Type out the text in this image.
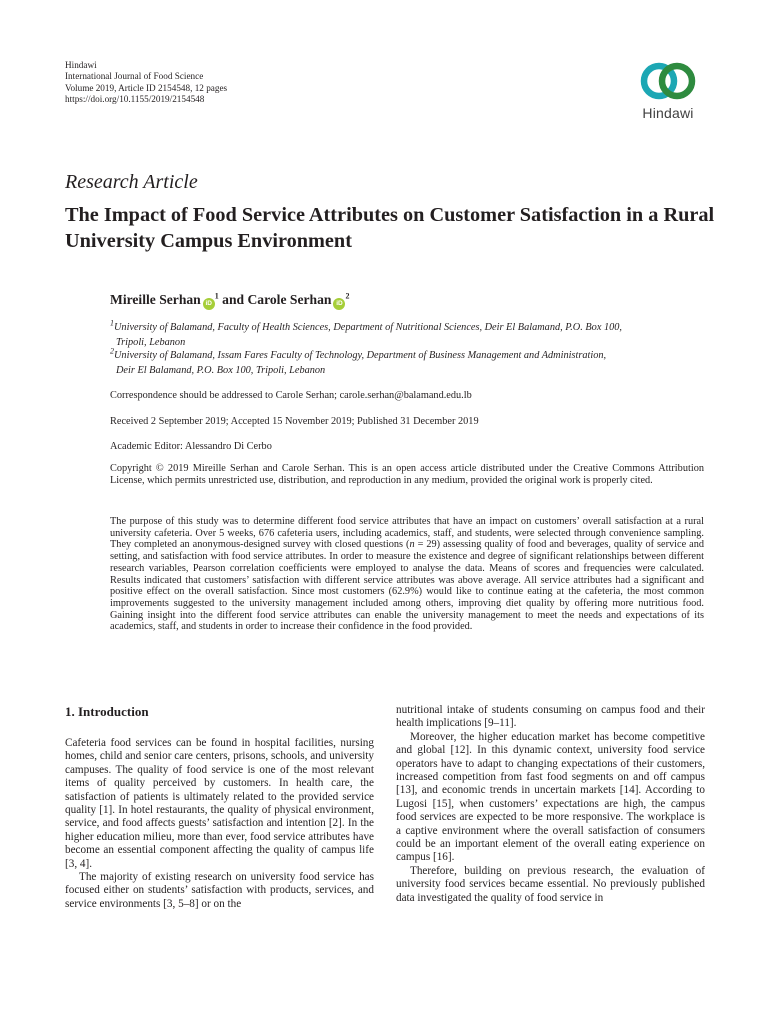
Hindawi
International Journal of Food Science
Volume 2019, Article ID 2154548, 12 pages
https://doi.org/10.1155/2019/2154548
Hindawi
Research Article
The Impact of Food Service Attributes on Customer Satisfaction in a Rural University Campus Environment
Mireille Serhan $iD^1$ and Carole Serhan $iD^2$
$^1$University of Balamand, Faculty of Health Sciences, Department of Nutritional Sciences, Deir El Balamand, P.O. Box 100,
Tripoli, Lebanon
$^2$University of Balamand, Issam Fares Faculty of Technology, Department of Business Management and Administration,
Deir El Balamand, P.O. Box 100, Tripoli, Lebanon
Correspondence should be addressed to Carole Serhan; carole.serhan@balamand.edu.lb
Received 2 September 2019; Accepted 15 November 2019; Published 31 December 2019
Academic Editor: Alessandro Di Cerbo
Copyright © 2019 Mireille Serhan and Carole Serhan. This is an open access article distributed under the Creative Commons Attribution License, which permits unrestricted use, distribution, and reproduction in any medium, provided the original work is properly cited.
The purpose of this study was to determine different food service attributes that have an impact on customers’ overall satisfaction at a rural university cafeteria. Over 5 weeks, 676 cafeteria users, including academics, staff, and students, were selected through convenience sampling. They completed an anonymous-designed survey with closed questions (n = 29) assessing quality of food and beverages, quality of service and setting, and satisfaction with food service attributes. In order to measure the existence and degree of significant relationships between different research variables, Pearson correlation coefficients were employed to analyse the data. Means of scores and frequencies were calculated. Results indicated that customers’ satisfaction with different service attributes was above average. All service attributes had a significant and positive effect on the overall satisfaction. Since most customers (62.9%) would like to continue eating at the cafeteria, the most common improvements suggested to the university management included among others, improving diet quality by offering more nutritious food. Gaining insight into the different food service attributes can enable the university management to meet the needs and expectations of its academics, staff, and students in order to increase their confidence in the food provided.
1. Introduction

Cafeteria food services can be found in hospital facilities, nursing homes, child and senior care centers, prisons, schools, and university campuses. The quality of food service is one of the most relevant items of quality perceived by customers. In health care, the satisfaction of patients is ultimately related to the provided service quality [1]. In hotel restaurants, the quality of physical environment, service, and food affects guests’ satisfaction and intention [2]. In the higher education milieu, more than ever, food service attributes have become an essential component affecting the quality of campus life [3, 4].

The majority of existing research on university food service has focused either on students’ satisfaction with products, services, and service environments [3, 5–8] or on the

nutritional intake of students consuming on campus food and their health implications [9–11].

Moreover, the higher education market has become competitive and global [12]. In this dynamic context, university food service operators have to adapt to changing expectations of their customers, increased competition from fast food segments on and off campus [13], and economic trends in uncertain markets [14]. According to Lugosi [15], when customers’ expectations are high, the campus food services are expected to be more responsive. The workplace is a captive environment where the overall satisfaction of consumers could be an important element of the overall eating experience on campus [16].

Therefore, building on previous research, the evaluation of university food services became essential. No previously published data investigated the quality of food service in
